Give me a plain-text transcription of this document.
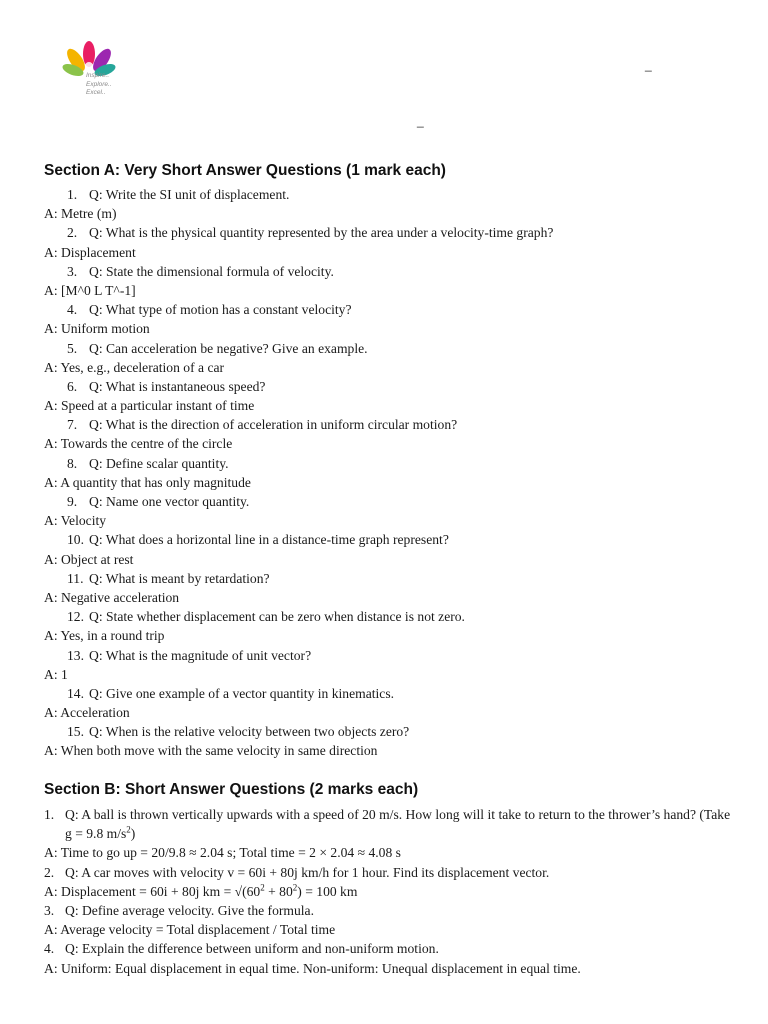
Inspire..
Explore..
Excel..
_
_
Section A: Very Short Answer Questions (1 mark each)
1. Q: Write the SI unit of displacement.
A: Metre (m)
2. Q: What is the physical quantity represented by the area under a velocity-time graph?
A: Displacement
3. Q: State the dimensional formula of velocity.
A: [M^0 L T^-1]
4. Q: What type of motion has a constant velocity?
A: Uniform motion
5. Q: Can acceleration be negative? Give an example.
A: Yes, e.g., deceleration of a car
6. Q: What is instantaneous speed?
A: Speed at a particular instant of time
7. Q: What is the direction of acceleration in uniform circular motion?
A: Towards the centre of the circle
8. Q: Define scalar quantity.
A: A quantity that has only magnitude
9. Q: Name one vector quantity.
A: Velocity
10. Q: What does a horizontal line in a distance-time graph represent?
A: Object at rest
11. Q: What is meant by retardation?
A: Negative acceleration
12. Q: State whether displacement can be zero when distance is not zero.
A: Yes, in a round trip
13. Q: What is the magnitude of unit vector?
A: 1
14. Q: Give one example of a vector quantity in kinematics.
A: Acceleration
15. Q: When is the relative velocity between two objects zero?
A: When both move with the same velocity in same direction
Section B: Short Answer Questions (2 marks each)
1. Q: A ball is thrown vertically upwards with a speed of 20 m/s. How long will it take to return to the thrower’s hand? (Take g = 9.8 $m/s^2$)
A: Time to go up = 20/9.8 ≈ 2.04 s; Total time = 2 × 2.04 ≈ 4.08 s
2. Q: A car moves with velocity v = 60i + 80j km/h for 1 hour. Find its displacement vector.
A: Displacement = 60i + 80j km = $√(60^2 + 80^2) = 100$ km
3. Q: Define average velocity. Give the formula.
A: Average velocity = Total displacement / Total time
4. Q: Explain the difference between uniform and non-uniform motion.
A: Uniform: Equal displacement in equal time. Non-uniform: Unequal displacement in equal time.
